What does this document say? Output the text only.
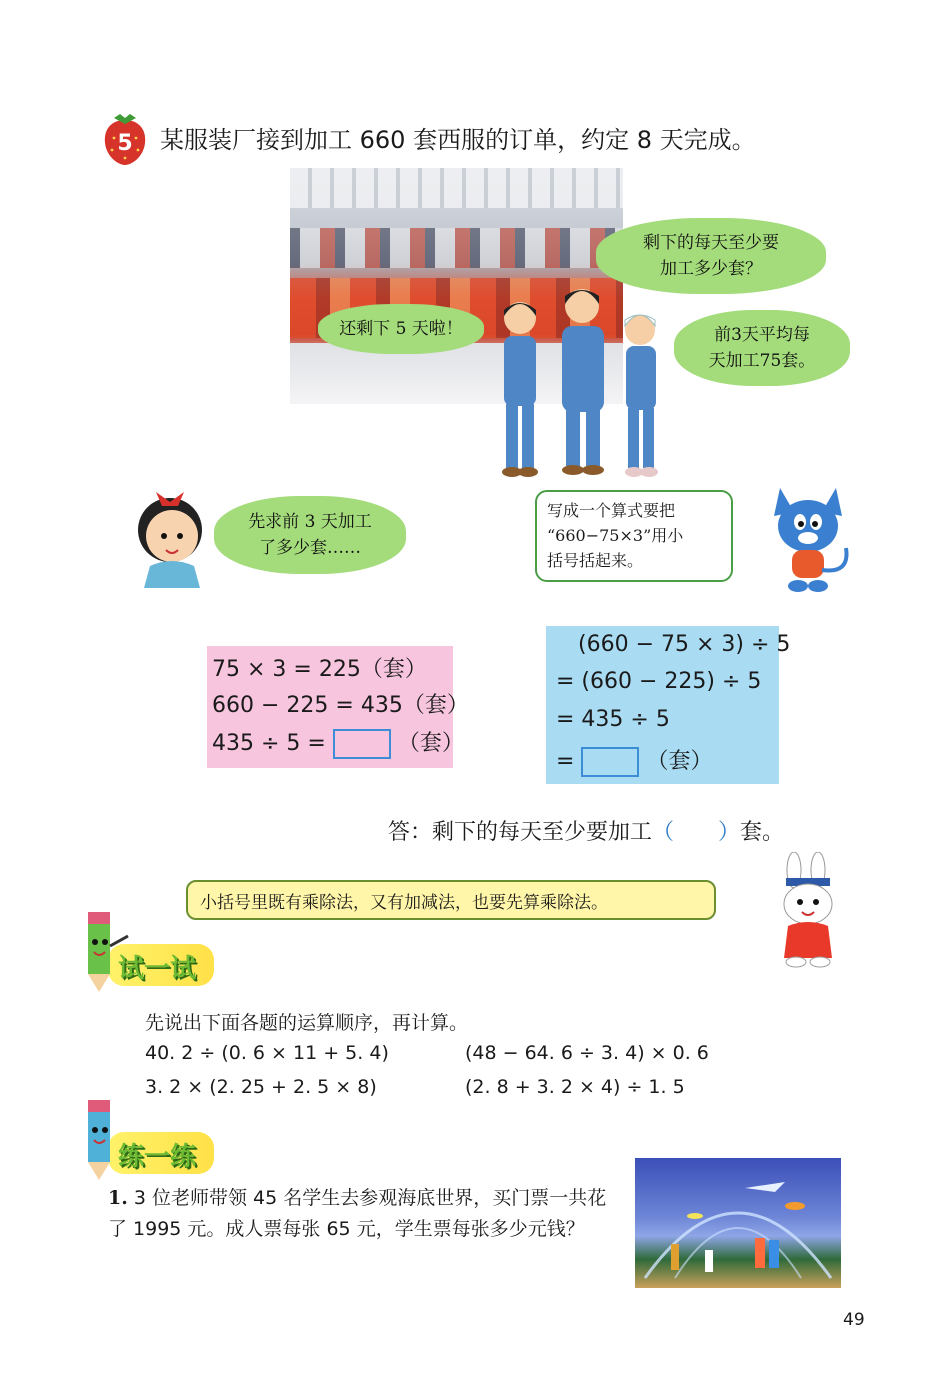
5 某服装厂接到加工 660 套西服的订单，约定 8 天完成。
还剩下 5 天啦！
剩下的每天至少要
加工多少套？
前3天平均每
天加工75套。
先求前 3 天加工
了多少套……
写成一个算式要把
“660−75×3”用小
括号括起来。
75 × 3 = 225（套）
660 − 225 = 435（套）
435 ÷ 5 =	（套）
(660 − 75 × 3) ÷ 5
= (660 − 225) ÷ 5
= 435 ÷ 5
=	（套）
答：剩下的每天至少要加工（ ）套。
小括号里既有乘除法，又有加减法，也要先算乘除法。
试一试
先说出下面各题的运算顺序，再计算。
40. 2 ÷ (0. 6 × 11 + 5. 4)	(48 − 64. 6 ÷ 3. 4) × 0. 6
3. 2 × (2. 25 + 2. 5 × 8)	(2. 8 + 3. 2 × 4) ÷ 1. 5
练一练
1. 3 位老师带领 45 名学生去参观海底世界，买门票一共花了 1995 元。成人票每张 65 元，学生票每张多少元钱？
49
